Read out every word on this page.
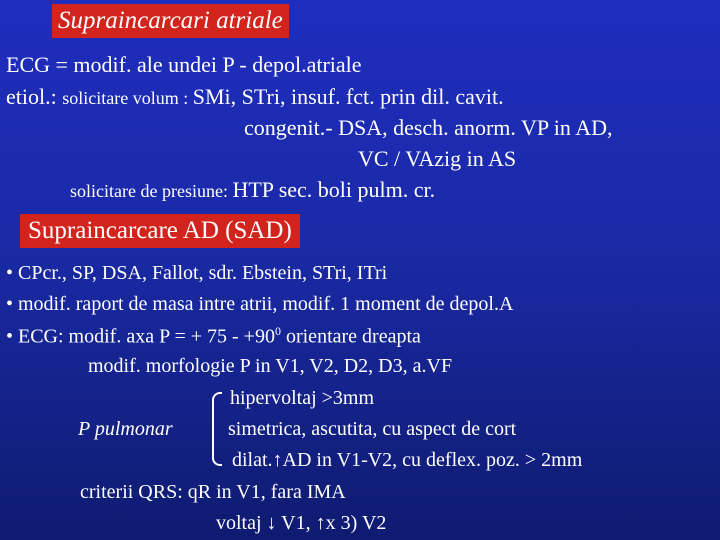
Supraincarcari atriale
ECG = modif. ale undei P - depol.atriale
etiol.: solicitare volum : SMi, STri, insuf. fct. prin dil. cavit.
congenit.- DSA, desch. anorm. VP in AD,
VC / VAzig in AS
solicitare de presiune: HTP sec. boli pulm. cr.
Supraincarcare AD (SAD)
• CPcr., SP, DSA, Fallot, sdr. Ebstein, STri, ITri
• modif. raport de masa intre atrii, modif. 1 moment de depol.A
• ECG: modif. axa P = + $75 - +90^0$ orientare dreapta
modif. morfologie P in V1, V2, D2, D3, a.VF
hipervoltaj >3mm
P pulmonar	simetrica, ascutita, cu aspect de cort
dilat.↑AD in V1-V2, cu deflex. poz. > 2mm
criterii QRS: qR in V1, fara IMA
voltaj ↓ V1, ↑x 3) V2
